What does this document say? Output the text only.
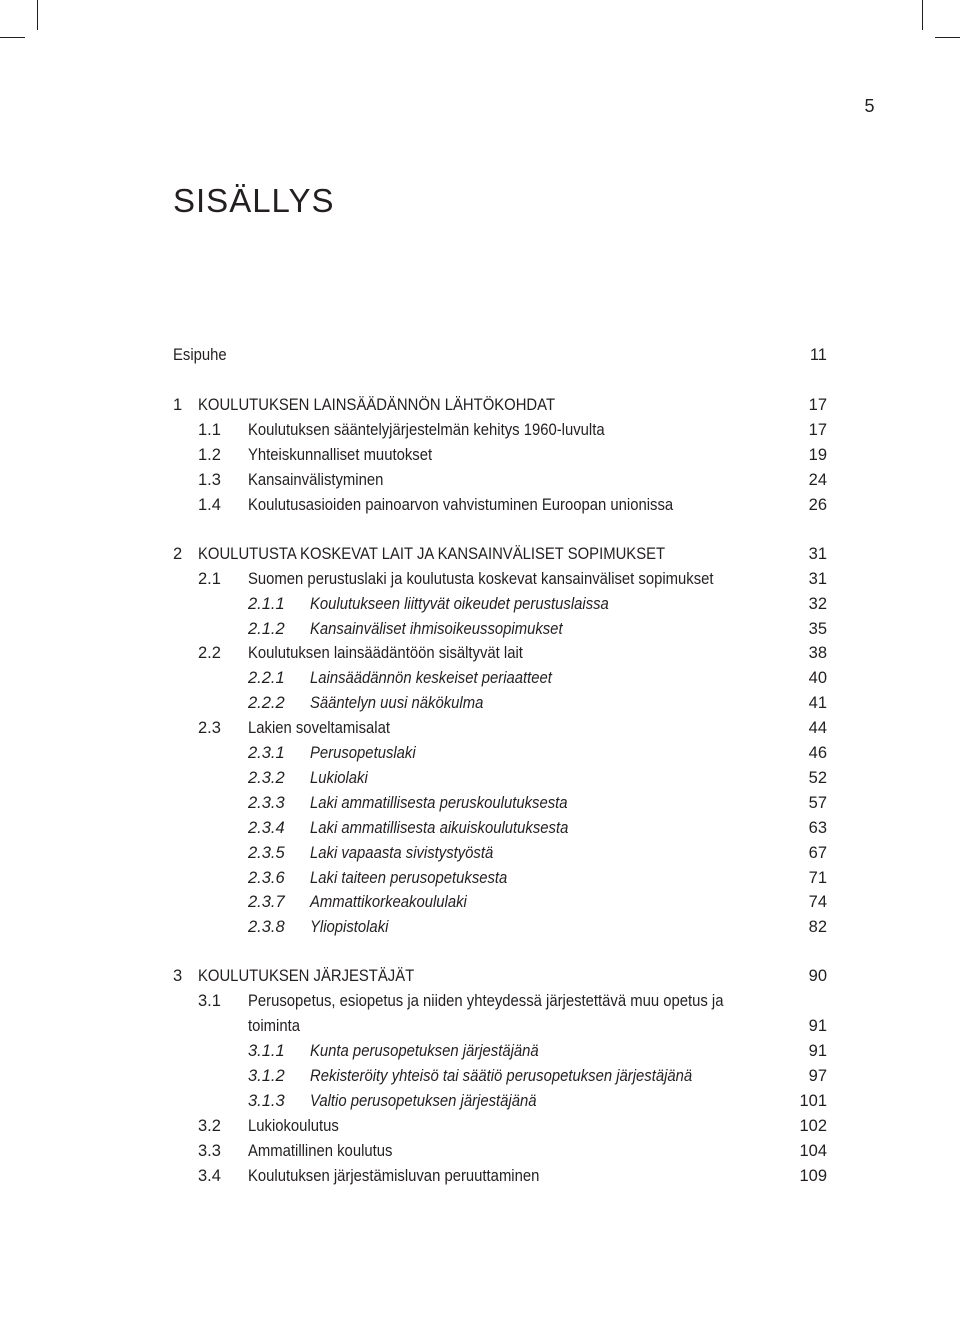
5
SISÄLLYS
Esipuhe	11
1 KOULUTUKSEN LAINSÄÄDÄNNÖN LÄHTÖKOHDAT	17
1.1 Koulutuksen sääntelyjärjestelmän kehitys 1960-luvulta	17
1.2 Yhteiskunnalliset muutokset	19
1.3 Kansainvälistyminen	24
1.4 Koulutusasioiden painoarvon vahvistuminen Euroopan unionissa	26
2 KOULUTUSTA KOSKEVAT LAIT JA KANSAINVÄLISET SOPIMUKSET	31
2.1 Suomen perustuslaki ja koulutusta koskevat kansainväliset sopimukset	31
2.1.1 Koulutukseen liittyvät oikeudet perustuslaissa	32
2.1.2 Kansainväliset ihmisoikeussopimukset	35
2.2 Koulutuksen lainsäädäntöön sisältyvät lait	38
2.2.1 Lainsäädännön keskeiset periaatteet	40
2.2.2 Sääntelyn uusi näkökulma	41
2.3 Lakien soveltamisalat	44
2.3.1 Perusopetuslaki	46
2.3.2 Lukiolaki	52
2.3.3 Laki ammatillisesta peruskoulutuksesta	57
2.3.4 Laki ammatillisesta aikuiskoulutuksesta	63
2.3.5 Laki vapaasta sivistystyöstä	67
2.3.6 Laki taiteen perusopetuksesta	71
2.3.7 Ammattikorkeakoululaki	74
2.3.8 Yliopistolaki	82
3 KOULUTUKSEN JÄRJESTÄJÄT	90
3.1 Perusopetus, esiopetus ja niiden yhteydessä järjestettävä muu opetus ja
toiminta	91
3.1.1 Kunta perusopetuksen järjestäjänä	91
3.1.2 Rekisteröity yhteisö tai säätiö perusopetuksen järjestäjänä	97
3.1.3 Valtio perusopetuksen järjestäjänä	101
3.2 Lukiokoulutus	102
3.3 Ammatillinen koulutus	104
3.4 Koulutuksen järjestämisluvan peruuttaminen	109
